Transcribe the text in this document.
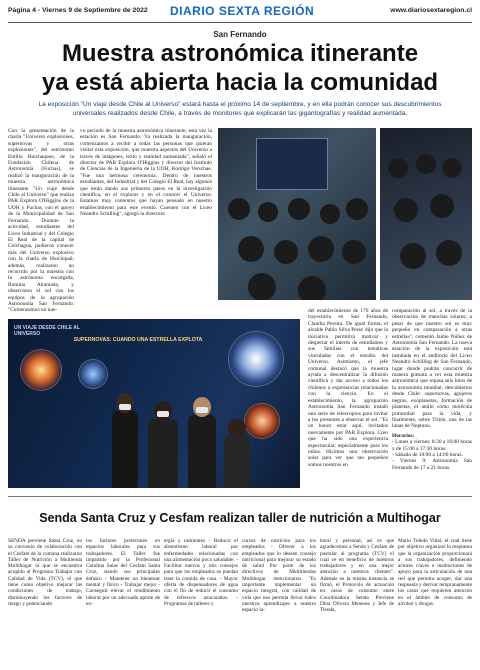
Página 4 - Viernes 9 de Septiembre de 2022 DIARIO SEXTA REGIÓN	www.diariosextaregion.cl
San Fernando
Muestra astronómica itinerante
ya está abierta hacia la comunidad
La exposición "Un viaje desde Chile al Universo" estará hasta el próximo 14 de septiembre, y en ella podrán conocer sus descubrimientos universales realizados desde Chile, a través de monitores que explicarán las gigantografías y realidad aumentada.
Con la presentación de la charla "Universo explosiones, supernovas y otras explosiones", del astrónomo Emilio Huichaqueo, de la Fundación Chilena de Astronomía (Fuchas), se realizó la inauguración de la muestra astronómica itinerante "Un viaje desde Chile al Universo" que realiza PAR Explora O'Higgins de la UOH y Fuchas, con el apoyo de la Municipalidad de San Fernando. Durante la actividad, estudiantes del Liceo Industrial y del Colegio El Real de la capital de Colchagua, pudieron conocer más del Universo explosivo con la charla de Huichipañ; además, realizaron un recorrido por la muestra con la astrónoma encargada, Romina Ahumada, y observaron el sol con los equipos de la agrupación Astronomía San Fernando. "Comenzamos un nue-
vo periodo de la muestra astronómica itinerante, esta vez la estación es San Fernando. Ya realizada la inauguración, comenzamos a recibir a todas las personas que quieran visitar esta exposición, que muestra aspectos del Universo a través de imágenes, texto y realidad aumentada", señaló el director de PAR Explora O'Higgins y director del Instituto de Ciencias de la Ingeniería de la UOH, Rodrigo Verschae. "Fue una hermosa ceremonia. Dentro de nuestros estudiantes, del Industrial y del Colegio El Real, hay algunos que están dando sus primeros pasos en la investigación científica, en el explorar y en el conocer el Universo. Estamos muy contentos que hayan pensado en nuestro establecimiento para este evento. Cuenten con el Liceo Neandro Schilling", agregó la directora
del establecimiento de 176 años de trayectoria en San Fernando, Claudia Pereira. De igual forma, el alcalde Pablo Silva Pérez dijo que la iniciativa permitirá motivar y despertar el interés de estudiantes y sus familias con temáticas vinculadas con el estudio del Universo. Asimismo, el jefe comunal destacó que la muestra ayuda a descentralizar la difusión científica y dar acceso a todos los chilenos a experiencias relacionadas con la ciencia. En el establecimiento, la agrupación Astronomía San Fernando instaló una serie de telescopios para invitar a los presentes a observar el sol. "Es un honor estar aquí, invitados nuevamente por PAR Explora. Creo que ha sido una experiencia espectacular, especialmente para los niños. Hicimos una observación solar para ver que tan pequeños somos nosotros en
comparación al sol, a través de la observación de manchas solares; a pesar de que nuestro sol es muy pequeño en comparación a otras estrellas", comentó Jaime Núñez de Astronomía San Fernando. La nueva estación de la exposición está instalada en el auditorio del Liceo Neandro Schilling de San Fernando, lugar donde podrán concurrir de manera gratuita a ver esta muestra astronómica que repasa seis hitos de la astronomía mundial, descubiertos desde Chile: supernovas, agujeros negros, exoplanetas, formación de planetas, el anillo cómo molécula primordial para la vida, y finalmente, sobre Tritón, una de las lunas de Neptuno.
Horarios:
- Lunes a viernes: 8:30 a 16:00 horas y de 15:00 a 17:30 horas.
- Sábado de 10:00 a 14:00 horas.
- Viernes 9: Astronomía San Fernando de 17 a 21 horas.
UN VIAJE DESDE CHILE AL UNIVERSO
SUPERNOVAS: CUANDO UNA ESTRELLA EXPLOTA
Senda Santa Cruz y Cesfam realizan taller de nutrición a Multihogar
SENDA previene Santa Cruz, en su convenio de colaboración con el Cesfam de la comuna realizaron Taller de Nutrición a Multienda Multihogar la que se encuentra acogido al Programa Trabajar con Calidad de Vida (TCV), el que tiene como objetivo mejorar las condiciones de trabajo, disminuyendo los factores de riesgo y potenciando
los factores protectores en espacios laborales para sus trabajadores. El Taller fue impartido por la Profesional Carolina Salas del Cesfam Santa Cruz, siendo sus principales énfasis: - Mantener un bienestar mental y físico - Trabajar mejor - Conseguir elevar el rendimiento laboral por un adecuado aporte de en-
ergía y nutrientes - Reducir el absentismo laboral por enfermedades relacionadas con una alimentación poco saludable. - Facilitar nuevos y mis consejos para que los empleados se puedan traer la comida de casa. - Mayor oferta de dispensadores de agua con el fin de reducir el consumo de refrescos azucarados. - Programas de talleres y
cursos de nutrición para los empleados - Ofrecer a los empleados que lo deseen consejo nutricional para mejorar su estado de salud Por parte de los directivos de Multitiendas Multihogar mencionaron "Es importante implementar un espacio integral, con calidad de vida que nos permita llevar todos nuestros aprendizajes a nuestro espacio la-
boral y personal, así es que agradecemos a Senda y Cesfam de postular al programa (TCV) el cual ve en beneficio de nuestros trabajadores y en una mejor atención a nuestros clientes". Además en la misma instancia se firmó, el Protocolo de actuación en casos de consumo entre Coordinadora Senda Previene Dina Olivera Meneses y Jefe de Tienda,
Mario Toledo Vidal, el cual tiene por objetivo organizar la respuesta que la organización proporcionará a sus trabajadores, definiendo actores claves e instituciones de apoyo para la articulación de una red que permita acoger, dar una respuesta y derivar tempranamente los casos que requieren atención en el ámbito de consumo de alcohol y drogas.
